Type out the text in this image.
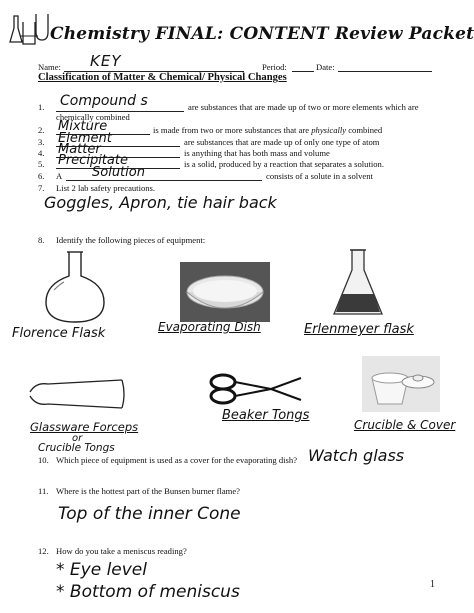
Chemistry FINAL: CONTENT Review Packet
Name: KEY	Period:	Date:
Classification of Matter & Chemical/ Physical Changes
1. Compound s	are substances that are made up of two or more elements which are
chemically combined
2. Mixture	is made from two or more substances that are physically combined
3. Element	are substances that are made up of only one type of atom
4. Matter	is anything that has both mass and volume
5. Precipitate	is a solid, produced by a reaction that separates a solution.
6. A Solution	consists of a solute in a solvent
7. List 2 lab safety precautions.
Goggles, Apron, tie hair back
8. Identify the following pieces of equipment:
Florence Flask	Evaporating Dish	Erlenmeyer flask
Glassware Forceps
or
Crucible Tongs
Beaker Tongs
Crucible & Cover
10. Which piece of equipment is used as a cover for the evaporating dish? Watch glass
11. Where is the hottest part of the Bunsen burner flame?
Top of the inner Cone
12. How do you take a meniscus reading?
* Eye level
* Bottom of meniscus	1
